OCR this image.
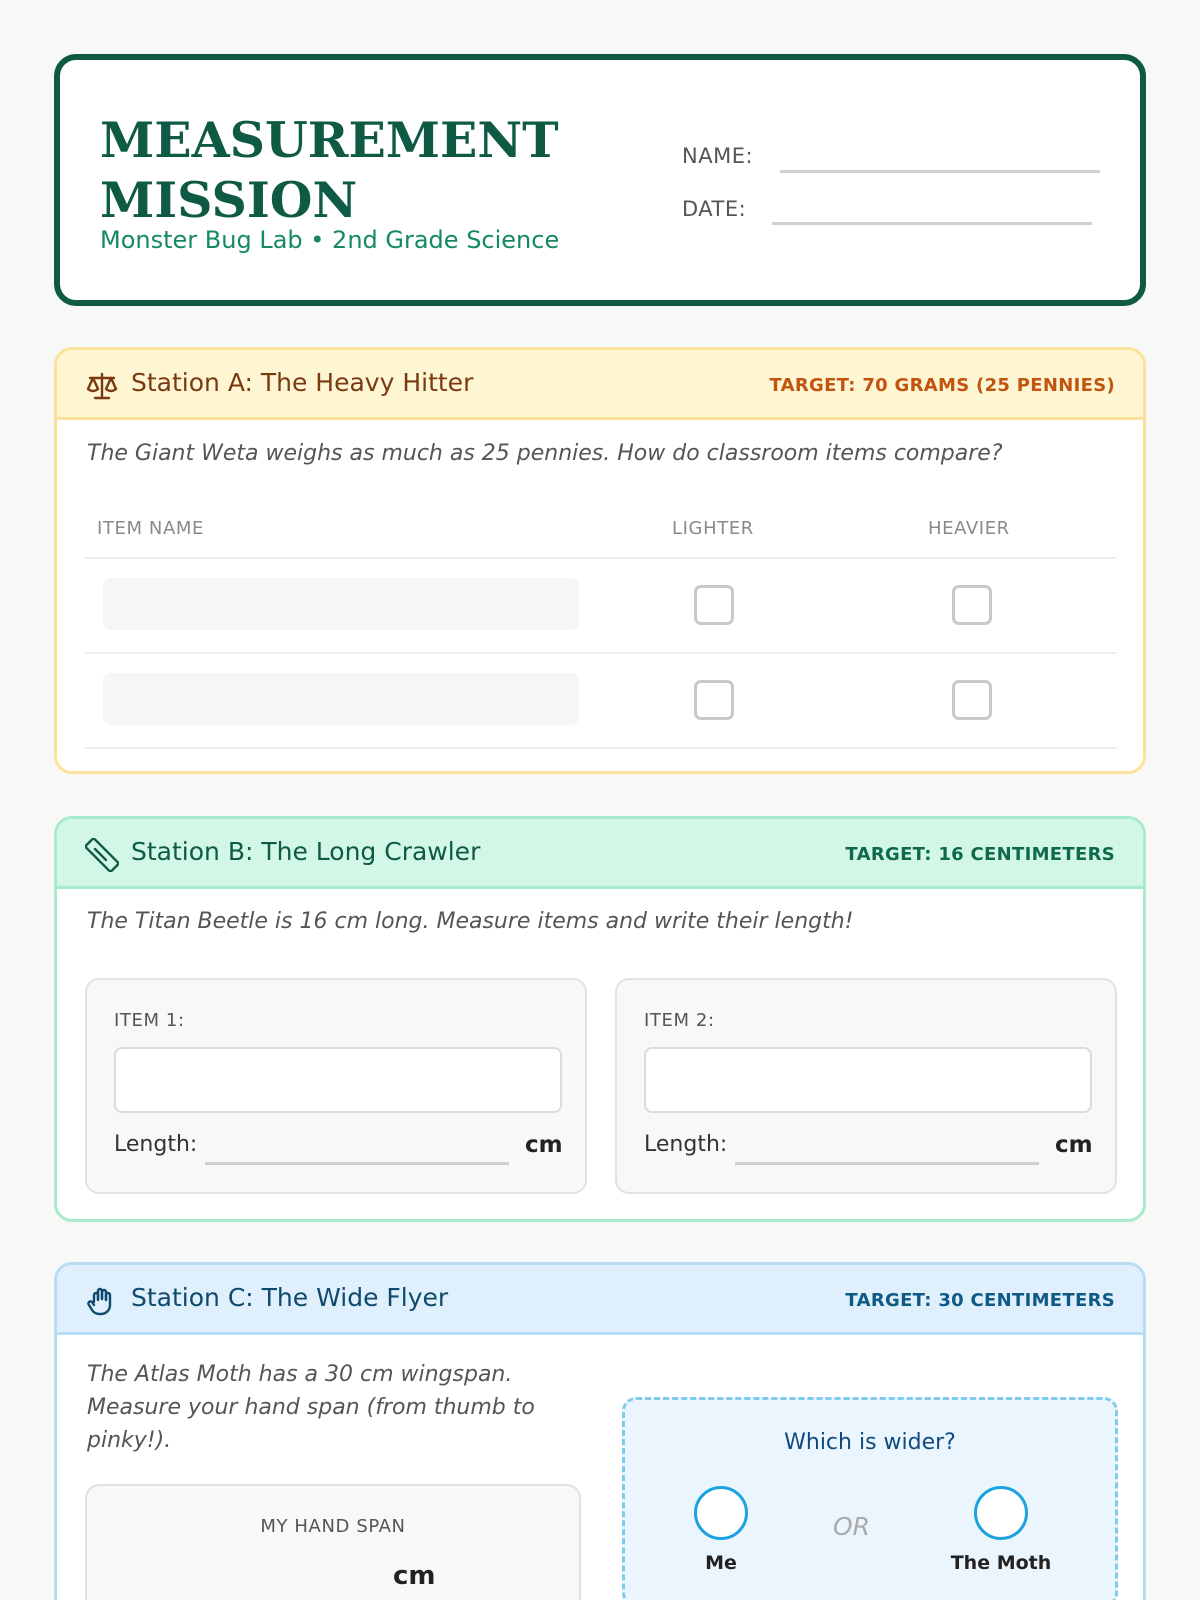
MEASUREMENT MISSION
Monster Bug Lab • 2nd Grade Science
NAME:
DATE:
Station A: The Heavy Hitter	TARGET: 70 GRAMS (25 PENNIES)
The Giant Weta weighs as much as 25 pennies. How do classroom items compare?
ITEM NAME	LIGHTER	HEAVIER
Station B: The Long Crawler	TARGET: 16 CENTIMETERS
The Titan Beetle is 16 cm long. Measure items and write their length!
ITEM 1:
Length:	cm
ITEM 2:
Length:	cm
Station C: The Wide Flyer	TARGET: 30 CENTIMETERS
The Atlas Moth has a 30 cm wingspan. Measure your hand span (from thumb to pinky!).
MY HAND SPAN
cm
Which is wider?
Me
OR
The Moth
